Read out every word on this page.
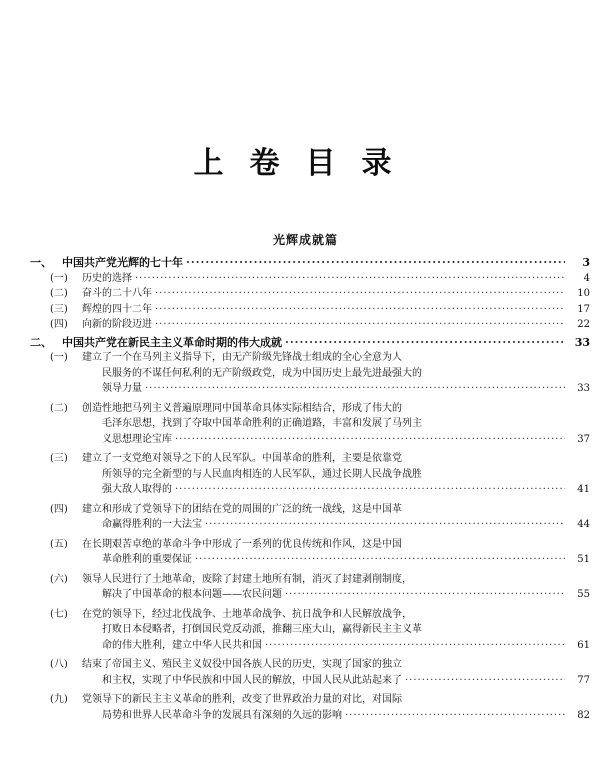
上卷目录
光辉成就篇
一、 中国共产党光辉的七十年 ·····	3
(一)	历史的选择 ·····	4
(二)	奋斗的二十八年 ·····	10
(三)	辉煌的四十二年 ·····	17
(四)	向新的阶段迈进 ·····	22
二、 中国共产党在新民主主义革命时期的伟大成就 ·····	33
(一)	建立了一个在马列主义指导下，由无产阶级先锋战士组成的全心全意为人
民服务的不谋任何私利的无产阶级政党，成为中国历史上最先进最强大的
领导力量 ·····	33
(二)	创造性地把马列主义普遍原理同中国革命具体实际相结合，形成了伟大的
毛泽东思想，找到了夺取中国革命胜利的正确道路，丰富和发展了马列主
义思想理论宝库 ·····	37
(三)	建立了一支党绝对领导之下的人民军队。中国革命的胜利，主要是依靠党
所领导的完全新型的与人民血肉相连的人民军队，通过长期人民战争战胜
强大敌人取得的 ·····	41
(四)	建立和形成了党领导下的团结在党的周围的广泛的统一战线，这是中国革
命赢得胜利的一大法宝 ·····	44
(五)	在长期艰苦卓绝的革命斗争中形成了一系列的优良传统和作风，这是中国
革命胜利的重要保证 ·····	51
(六)	领导人民进行了土地革命，废除了封建土地所有制，消灭了封建剥削制度，
解决了中国革命的根本问题——农民问题 ·····	55
(七)	在党的领导下，经过北伐战争、土地革命战争、抗日战争和人民解放战争，
打败日本侵略者，打倒国民党反动派，推翻三座大山，赢得新民主主义革
命的伟大胜利，建立中华人民共和国 ·····	61
(八)	结束了帝国主义、殖民主义奴役中国各族人民的历史，实现了国家的独立
和主权，实现了中华民族和中国人民的解放，中国人民从此站起来了 ·····	77
(九)	党领导下的新民主主义革命的胜利，改变了世界政治力量的对比，对国际
局势和世界人民革命斗争的发展具有深刻的久远的影响 ·····	82
